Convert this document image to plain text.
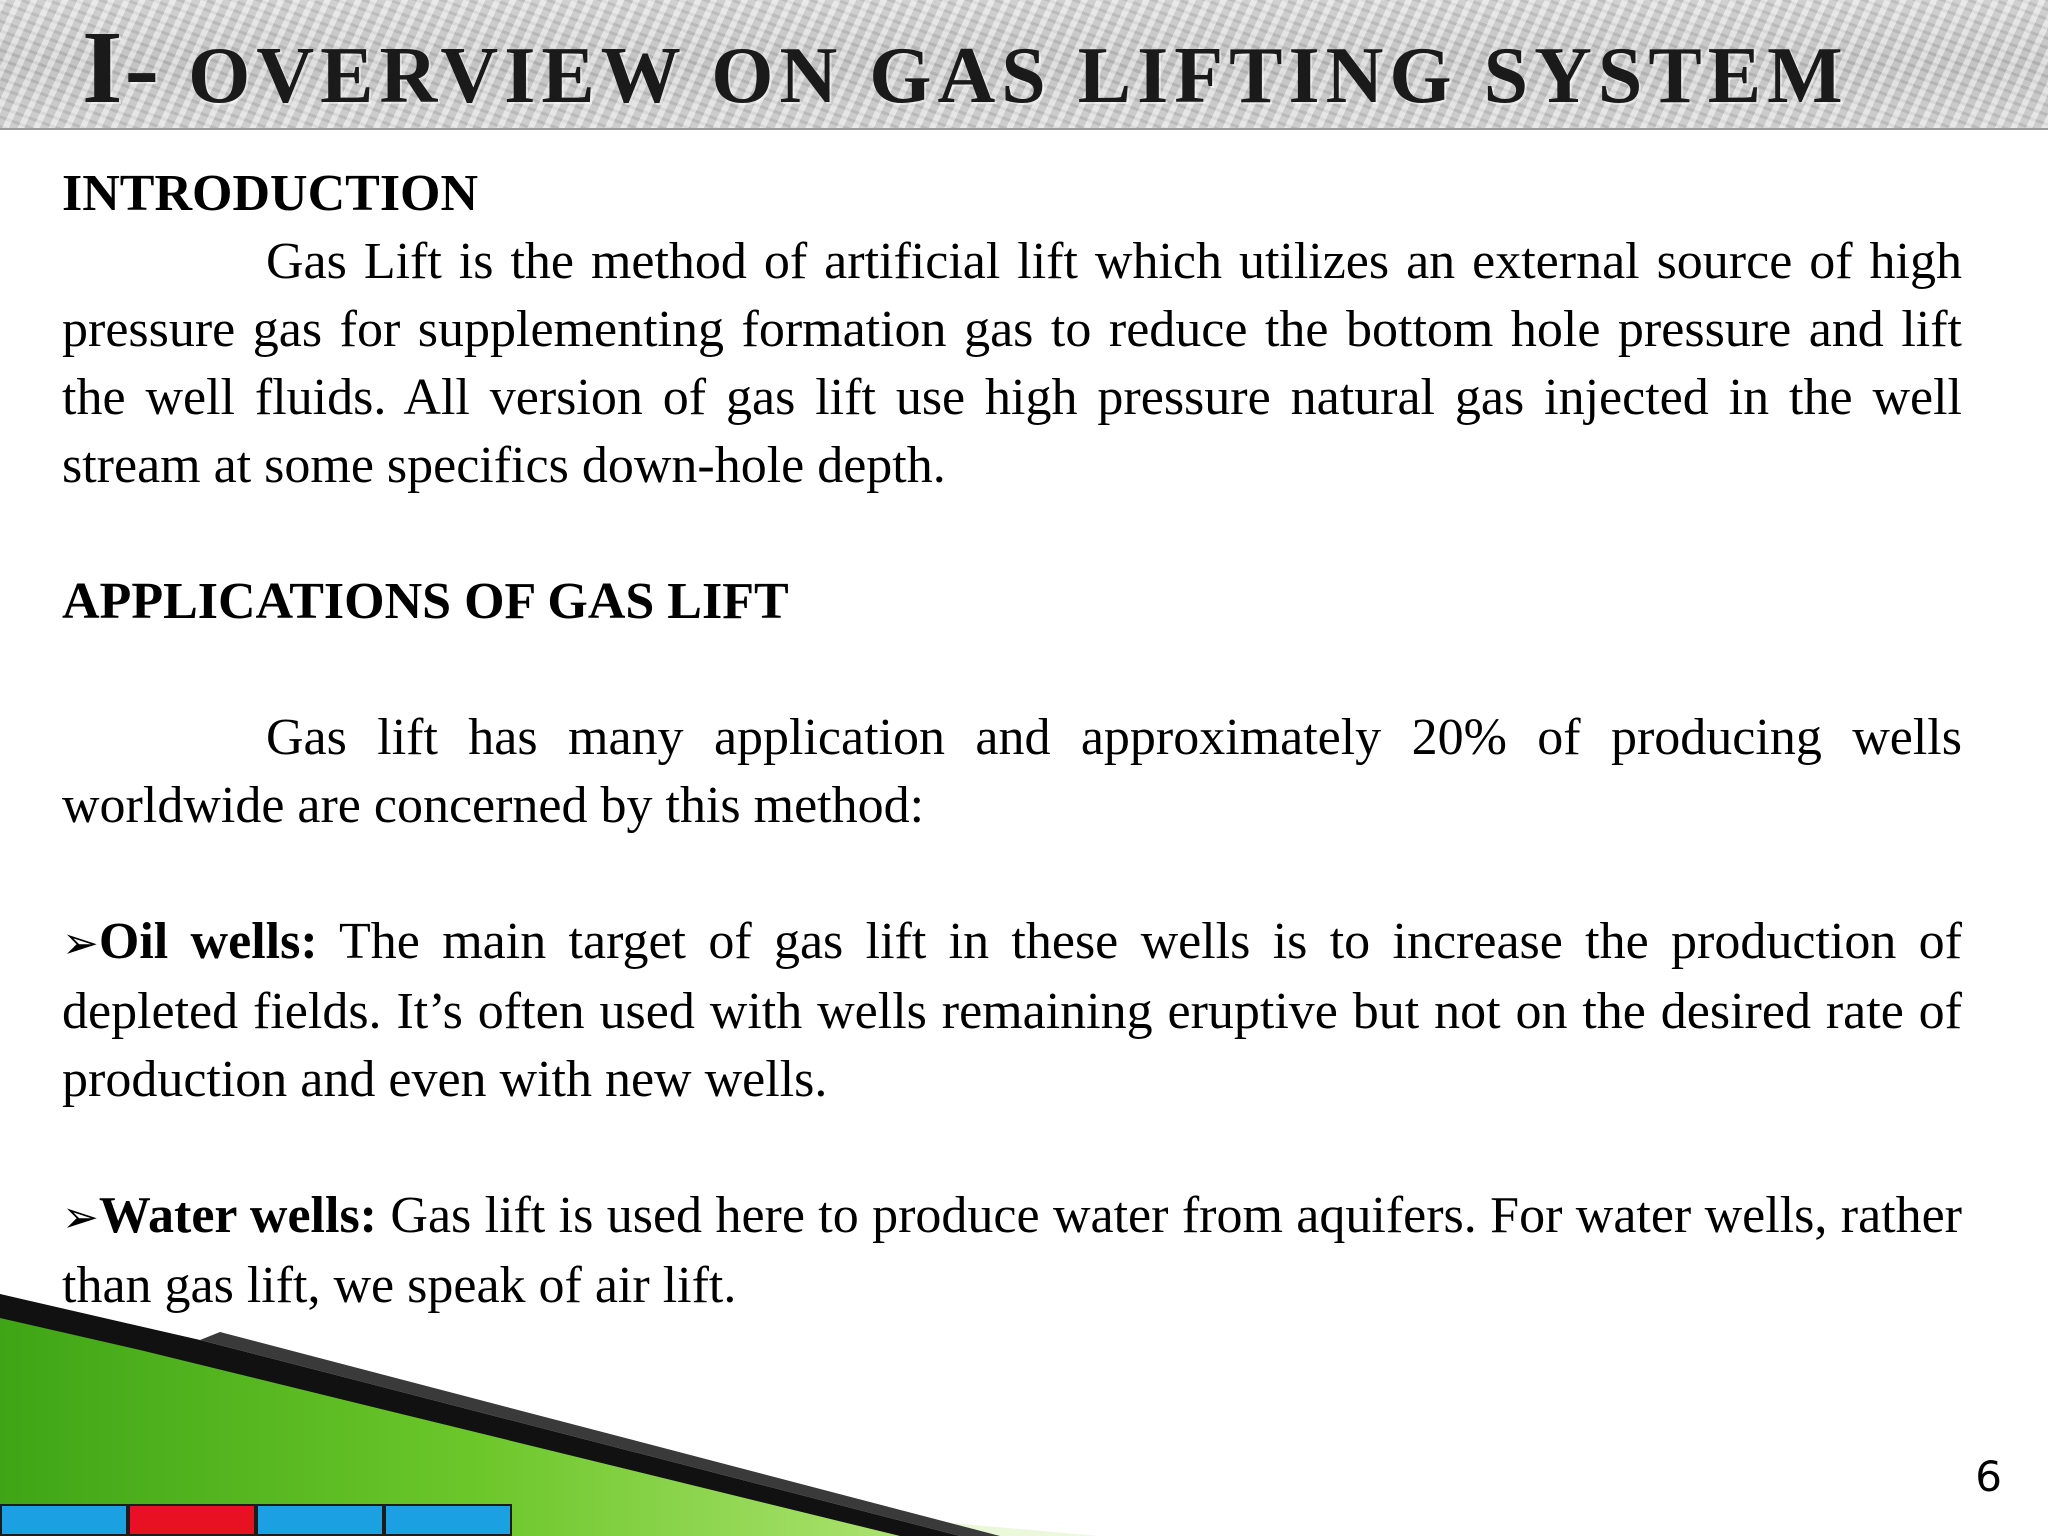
I- OVERVIEW ON GAS LIFTING SYSTEM

INTRODUCTION

Gas Lift is the method of artificial lift which utilizes an external source of high pressure gas for supplementing formation gas to reduce the bottom hole pressure and lift the well fluids. All version of gas lift use high pressure natural gas injected in the well stream at some specifics down-hole depth.

APPLICATIONS OF GAS LIFT

Gas lift has many application and approximately 20% of producing wells worldwide are concerned by this method:

➢Oil wells: The main target of gas lift in these wells is to increase the production of depleted fields. It’s often used with wells remaining eruptive but not on the desired rate of production and even with new wells.

➢Water wells: Gas lift is used here to produce water from aquifers. For water wells, rather than gas lift, we speak of air lift.

6
